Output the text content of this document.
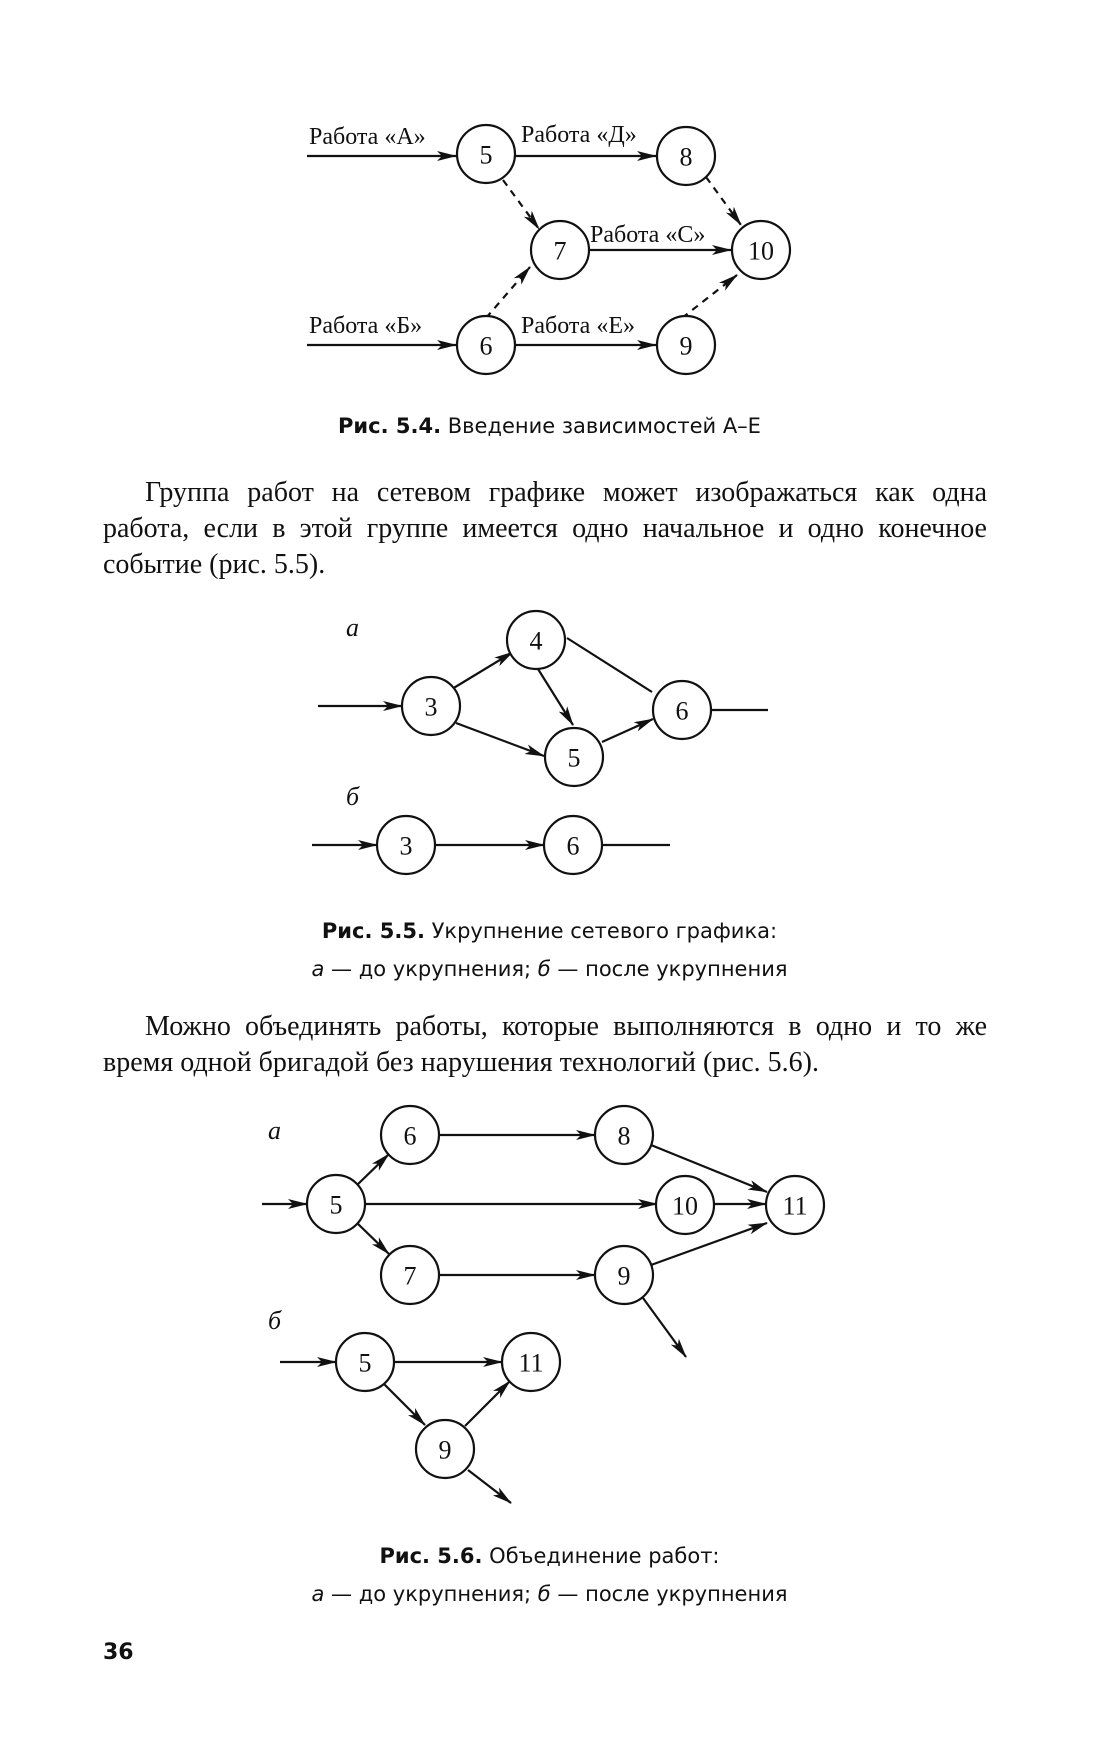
Работа «А»	Работа «Д»
Работа «С»
Работа «Б»	Работа «Е»
5	8
7	10
6	9
а
б
3
4
5
6
3	6
а
б
5
6
7
8
9
10	11
5	11
9

Рис. 5.4. Введение зависимостей А–Е

Группа работ на сетевом графике может изображаться как одна работа, если в этой группе имеется одно начальное и одно конечное событие (рис. 5.5).

Рис. 5.5. Укрупнение сетевого графика:
а — до укрупнения; б — после укрупнения

Можно объединять работы, которые выполняются в одно и то же время одной бригадой без нарушения технологий (рис. 5.6).

Рис. 5.6. Объединение работ:
а — до укрупнения; б — после укрупнения

36
